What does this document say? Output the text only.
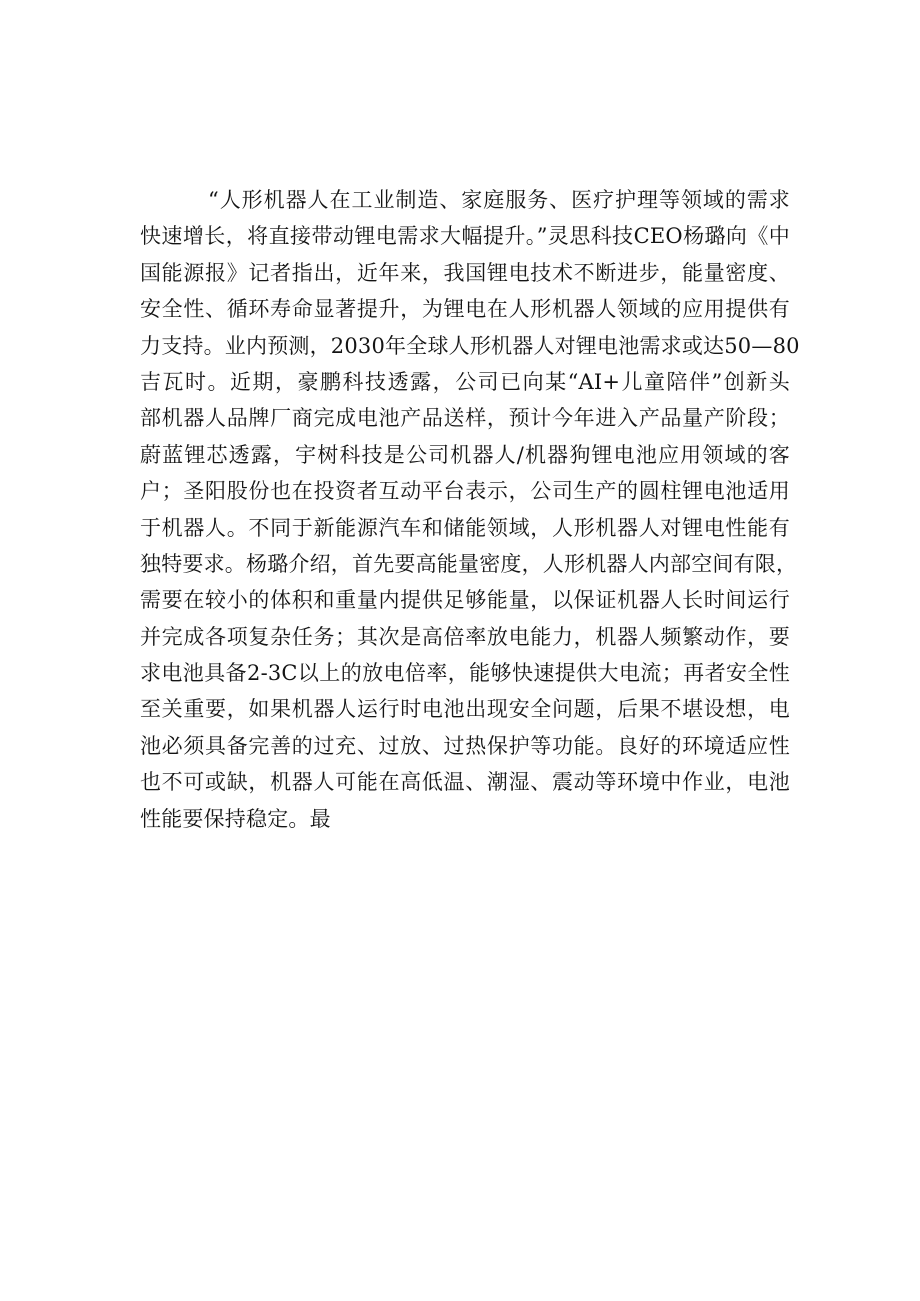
“人形机器人在工业制造、家庭服务、医疗护理等领域的需求
快速增长，将直接带动锂电需求大幅提升。”灵思科技CEO杨璐向《中
国能源报》记者指出，近年来，我国锂电技术不断进步，能量密度、
安全性、循环寿命显著提升，为锂电在人形机器人领域的应用提供有
力支持。业内预测，2030年全球人形机器人对锂电池需求或达50—80
吉瓦时。近期，豪鹏科技透露，公司已向某“AI+儿童陪伴”创新头
部机器人品牌厂商完成电池产品送样，预计今年进入产品量产阶段；
蔚蓝锂芯透露，宇树科技是公司机器人/机器狗锂电池应用领域的客
户；圣阳股份也在投资者互动平台表示，公司生产的圆柱锂电池适用
于机器人。不同于新能源汽车和储能领域，人形机器人对锂电性能有
独特要求。杨璐介绍，首先要高能量密度，人形机器人内部空间有限，
需要在较小的体积和重量内提供足够能量，以保证机器人长时间运行
并完成各项复杂任务；其次是高倍率放电能力，机器人频繁动作，要
求电池具备2-3C以上的放电倍率，能够快速提供大电流；再者安全性
至关重要，如果机器人运行时电池出现安全问题，后果不堪设想，电
池必须具备完善的过充、过放、过热保护等功能。良好的环境适应性
也不可或缺，机器人可能在高低温、潮湿、震动等环境中作业，电池
性能要保持稳定。最
